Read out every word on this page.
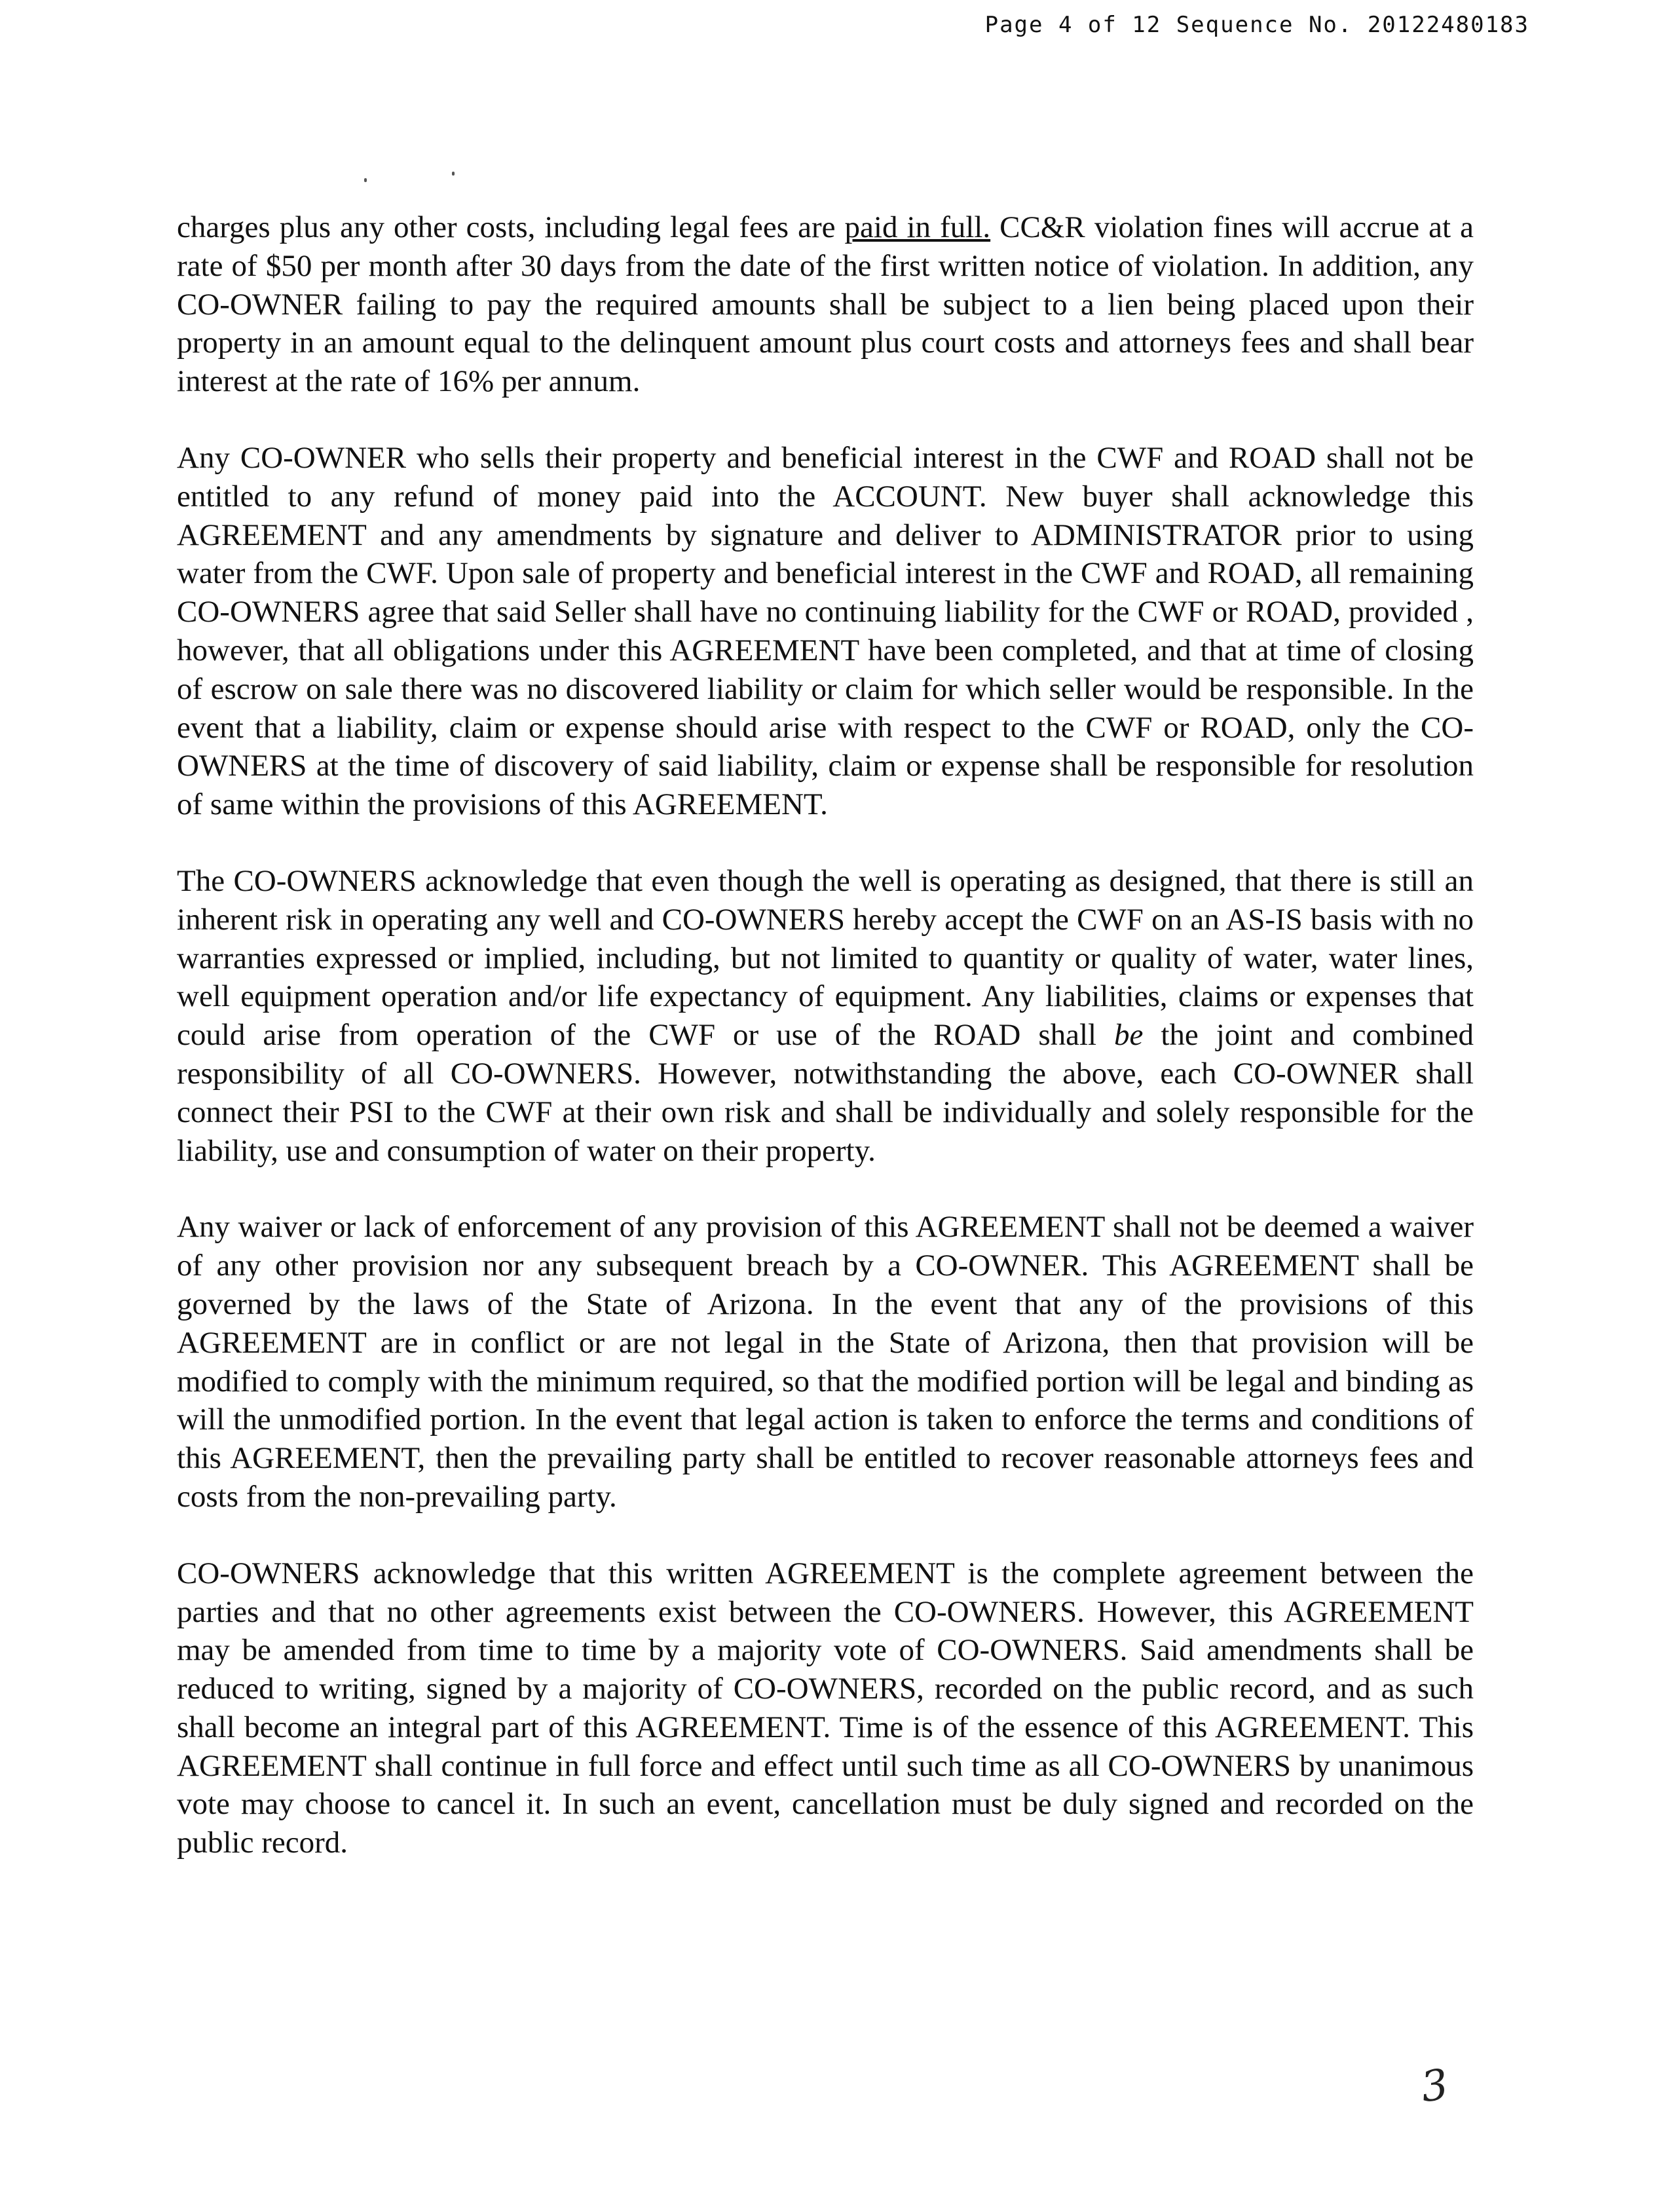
Page 4 of 12 Sequence No. 20122480183

charges plus any other costs, including legal fees are paid in full. CC&R violation fines will accrue at a rate of $50 per month after 30 days from the date of the first written notice of violation. In addition, any CO-OWNER failing to pay the required amounts shall be subject to a lien being placed upon their property in an amount equal to the delinquent amount plus court costs and attorneys fees and shall bear interest at the rate of 16% per annum.

Any CO-OWNER who sells their property and beneficial interest in the CWF and ROAD shall not be entitled to any refund of money paid into the ACCOUNT. New buyer shall acknowledge this AGREEMENT and any amendments by signature and deliver to ADMINISTRATOR prior to using water from the CWF. Upon sale of property and beneficial interest in the CWF and ROAD, all remaining CO-OWNERS agree that said Seller shall have no continuing liability for the CWF or ROAD, provided , however, that all obligations under this AGREEMENT have been completed, and that at time of closing of escrow on sale there was no discovered liability or claim for which seller would be responsible. In the event that a liability, claim or expense should arise with respect to the CWF or ROAD, only the CO-OWNERS at the time of discovery of said liability, claim or expense shall be responsible for resolution of same within the provisions of this AGREEMENT.

The CO-OWNERS acknowledge that even though the well is operating as designed, that there is still an inherent risk in operating any well and CO-OWNERS hereby accept the CWF on an AS-IS basis with no warranties expressed or implied, including, but not limited to quantity or quality of water, water lines, well equipment operation and/or life expectancy of equipment. Any liabilities, claims or expenses that could arise from operation of the CWF or use of the ROAD shall be the joint and combined responsibility of all CO-OWNERS. However, notwithstanding the above, each CO-OWNER shall connect their PSI to the CWF at their own risk and shall be individually and solely responsible for the liability, use and consumption of water on their property.

Any waiver or lack of enforcement of any provision of this AGREEMENT shall not be deemed a waiver of any other provision nor any subsequent breach by a CO-OWNER. This AGREEMENT shall be governed by the laws of the State of Arizona. In the event that any of the provisions of this AGREEMENT are in conflict or are not legal in the State of Arizona, then that provision will be modified to comply with the minimum required, so that the modified portion will be legal and binding as will the unmodified portion. In the event that legal action is taken to enforce the terms and conditions of this AGREEMENT, then the prevailing party shall be entitled to recover reasonable attorneys fees and costs from the non-prevailing party.

CO-OWNERS acknowledge that this written AGREEMENT is the complete agreement between the parties and that no other agreements exist between the CO-OWNERS. However, this AGREEMENT may be amended from time to time by a majority vote of CO-OWNERS. Said amendments shall be reduced to writing, signed by a majority of CO-OWNERS, recorded on the public record, and as such shall become an integral part of this AGREEMENT. Time is of the essence of this AGREEMENT. This AGREEMENT shall continue in full force and effect until such time as all CO-OWNERS by unanimous vote may choose to cancel it. In such an event, cancellation must be duly signed and recorded on the public record.

3
